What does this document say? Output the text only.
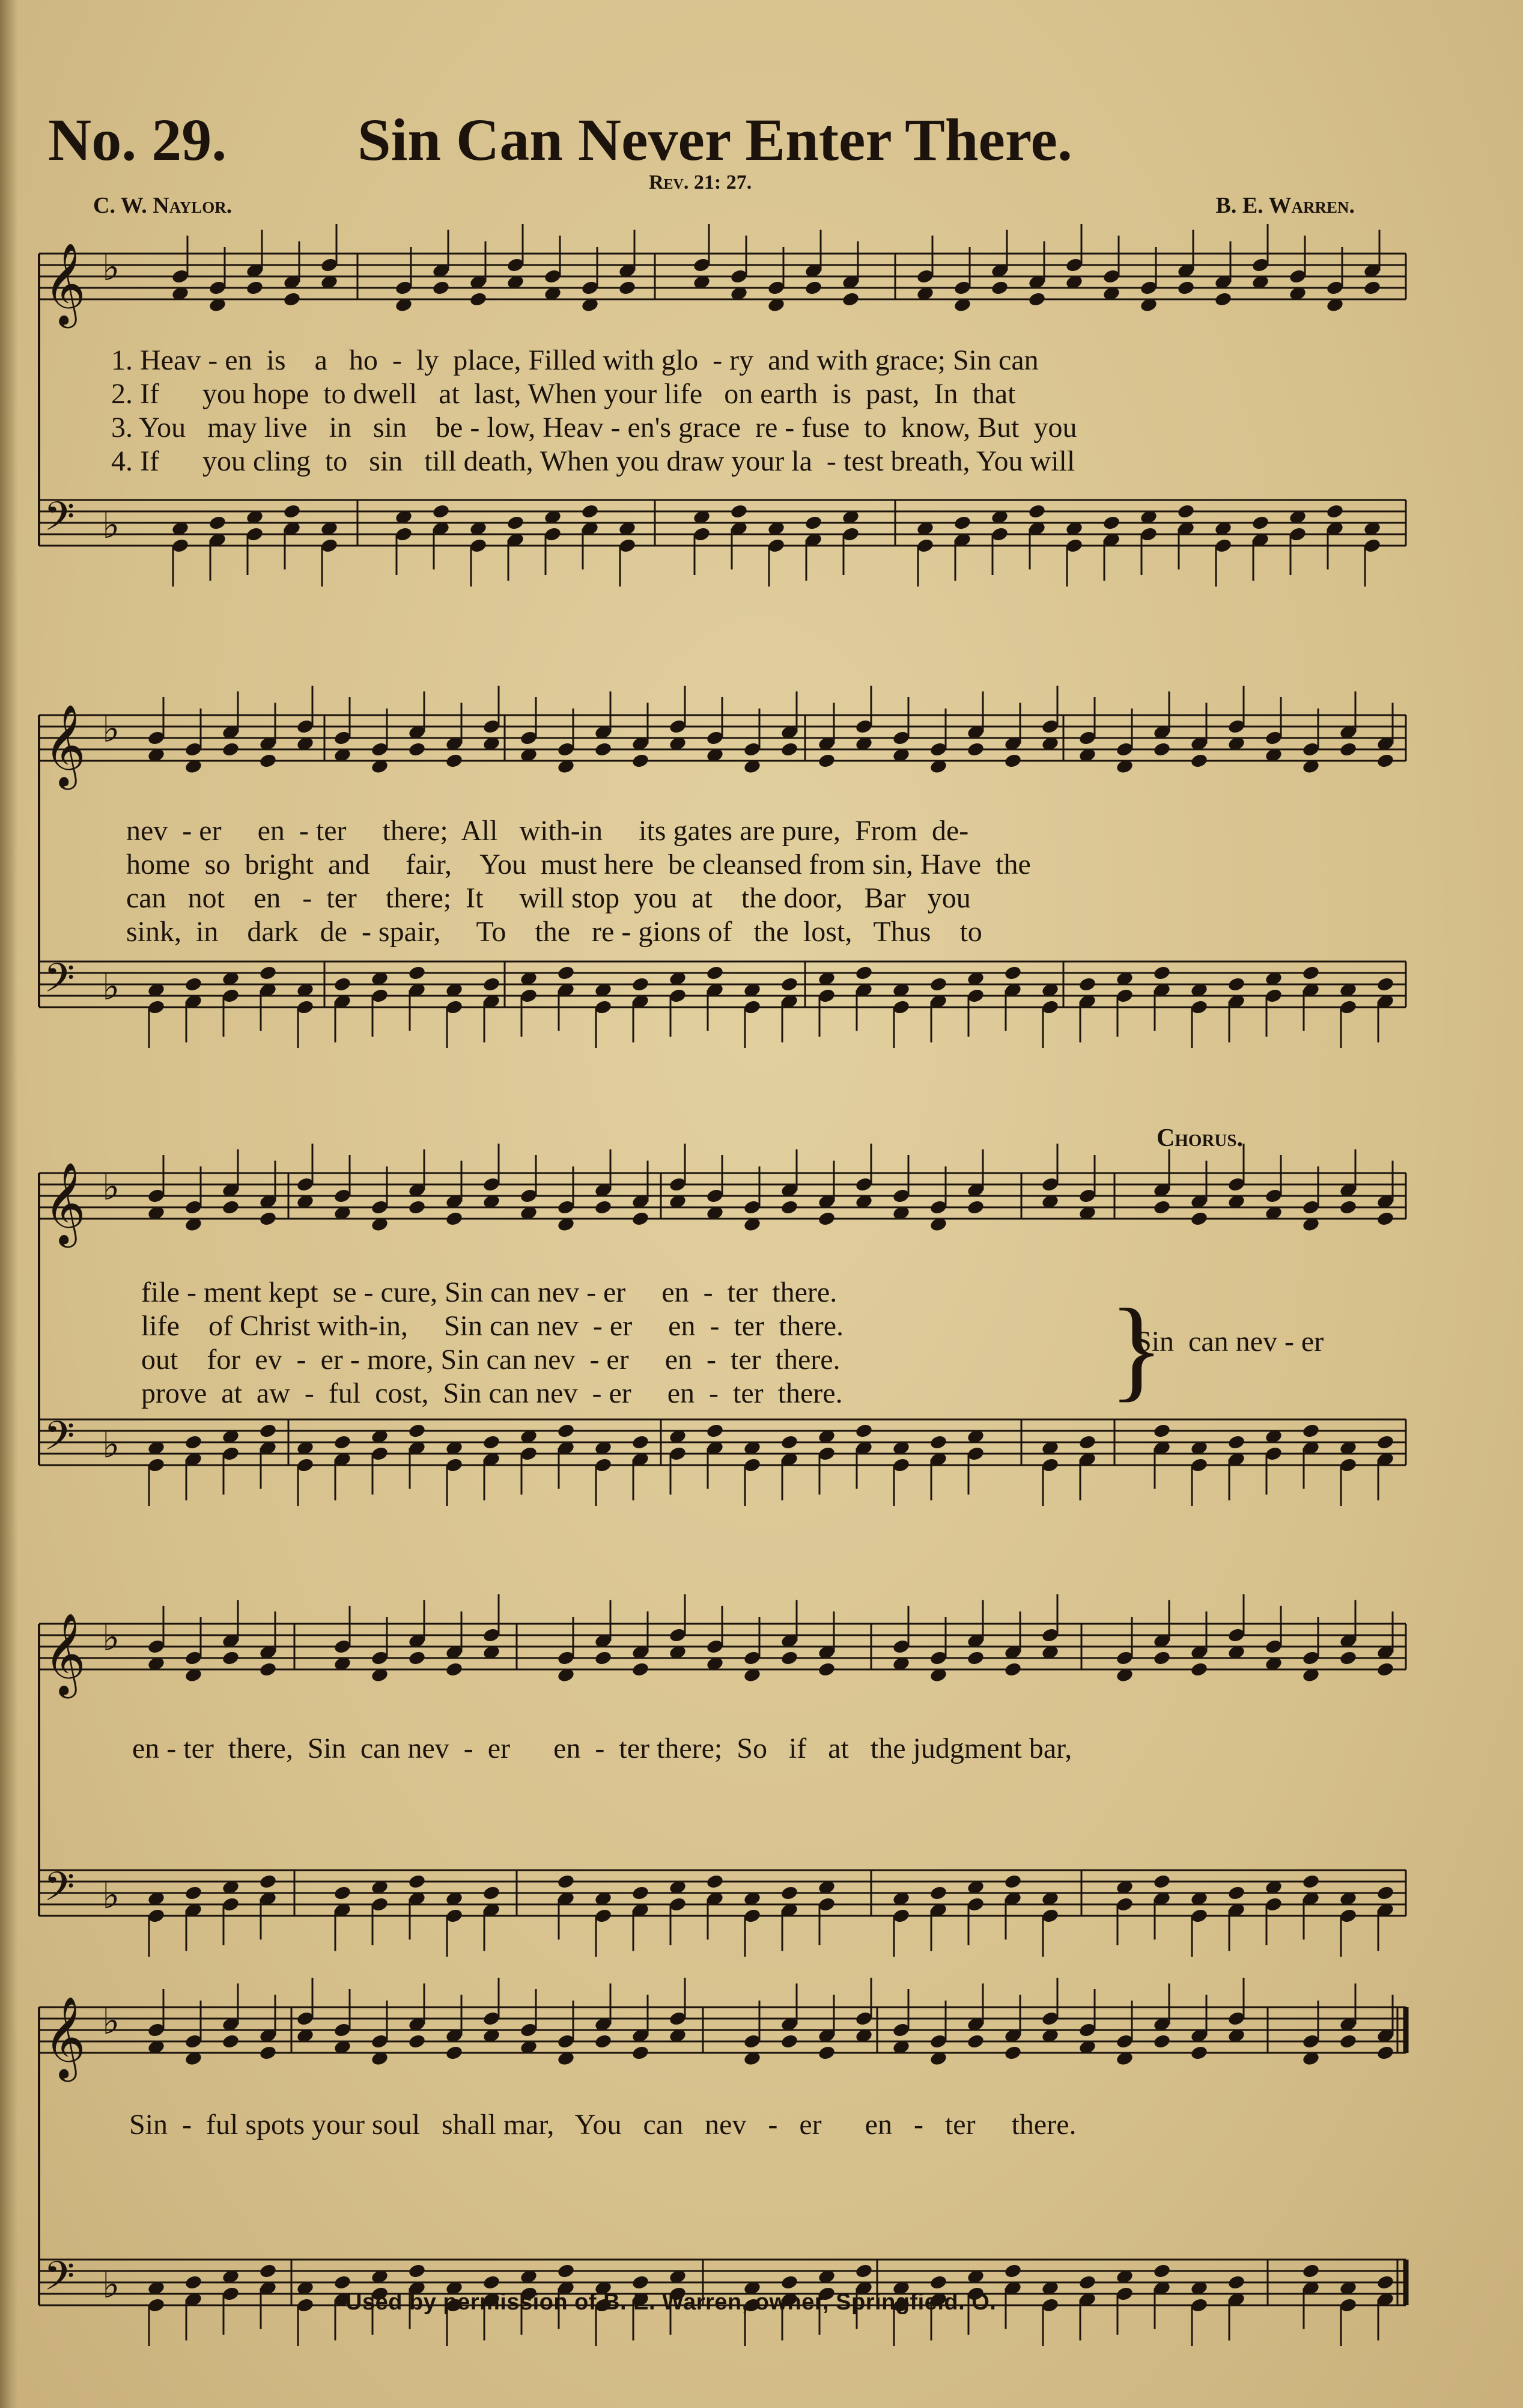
No. 29. Sin Can Never Enter There.
Rev. 21: 27.
C. W. Naylor.	B. E. Warren.
Chorus.
𝄞 ♭
𝄢 ♭
𝄞 ♭
𝄢 ♭
𝄞 ♭
𝄢 ♭
𝄞 ♭
𝄢 ♭
𝄞 ♭
𝄢 ♭
1. Heav - en  is    a   ho  -  ly  place, Filled with glo  - ry  and with grace; Sin can
2. If      you hope  to dwell   at  last, When your life   on earth  is  past,  In  that
3. You   may live   in   sin    be - low, Heav - en's grace  re - fuse  to  know, But  you
4. If      you cling  to   sin   till death, When you draw your la  - test breath, You will
nev  - er     en  - ter     there;  All   with-in     its gates are pure,  From  de-
home  so  bright  and     fair,    You  must here  be cleansed from sin, Have  the
can   not    en   -  ter    there;  It     will stop  you  at    the door,   Bar   you
sink,  in    dark   de  - spair,     To    the   re - gions of   the  lost,   Thus    to
file - ment kept  se - cure, Sin can nev - er     en  -  ter  there.
life    of Christ with-in,     Sin can nev  - er     en  -  ter  there.
out    for  ev  -  er - more, Sin can nev  - er     en  -  ter  there.
prove  at  aw  -  ful  cost,  Sin can nev  - er     en  -  ter  there. }
Sin  can nev - er
en - ter  there,  Sin  can nev  -  er      en  -  ter there;  So   if   at   the judgment bar,
Sin  -  ful spots your soul   shall mar,   You   can   nev   -   er      en   -   ter     there.
Used by permission of B. E. Warren, owner, Springfield. O.
